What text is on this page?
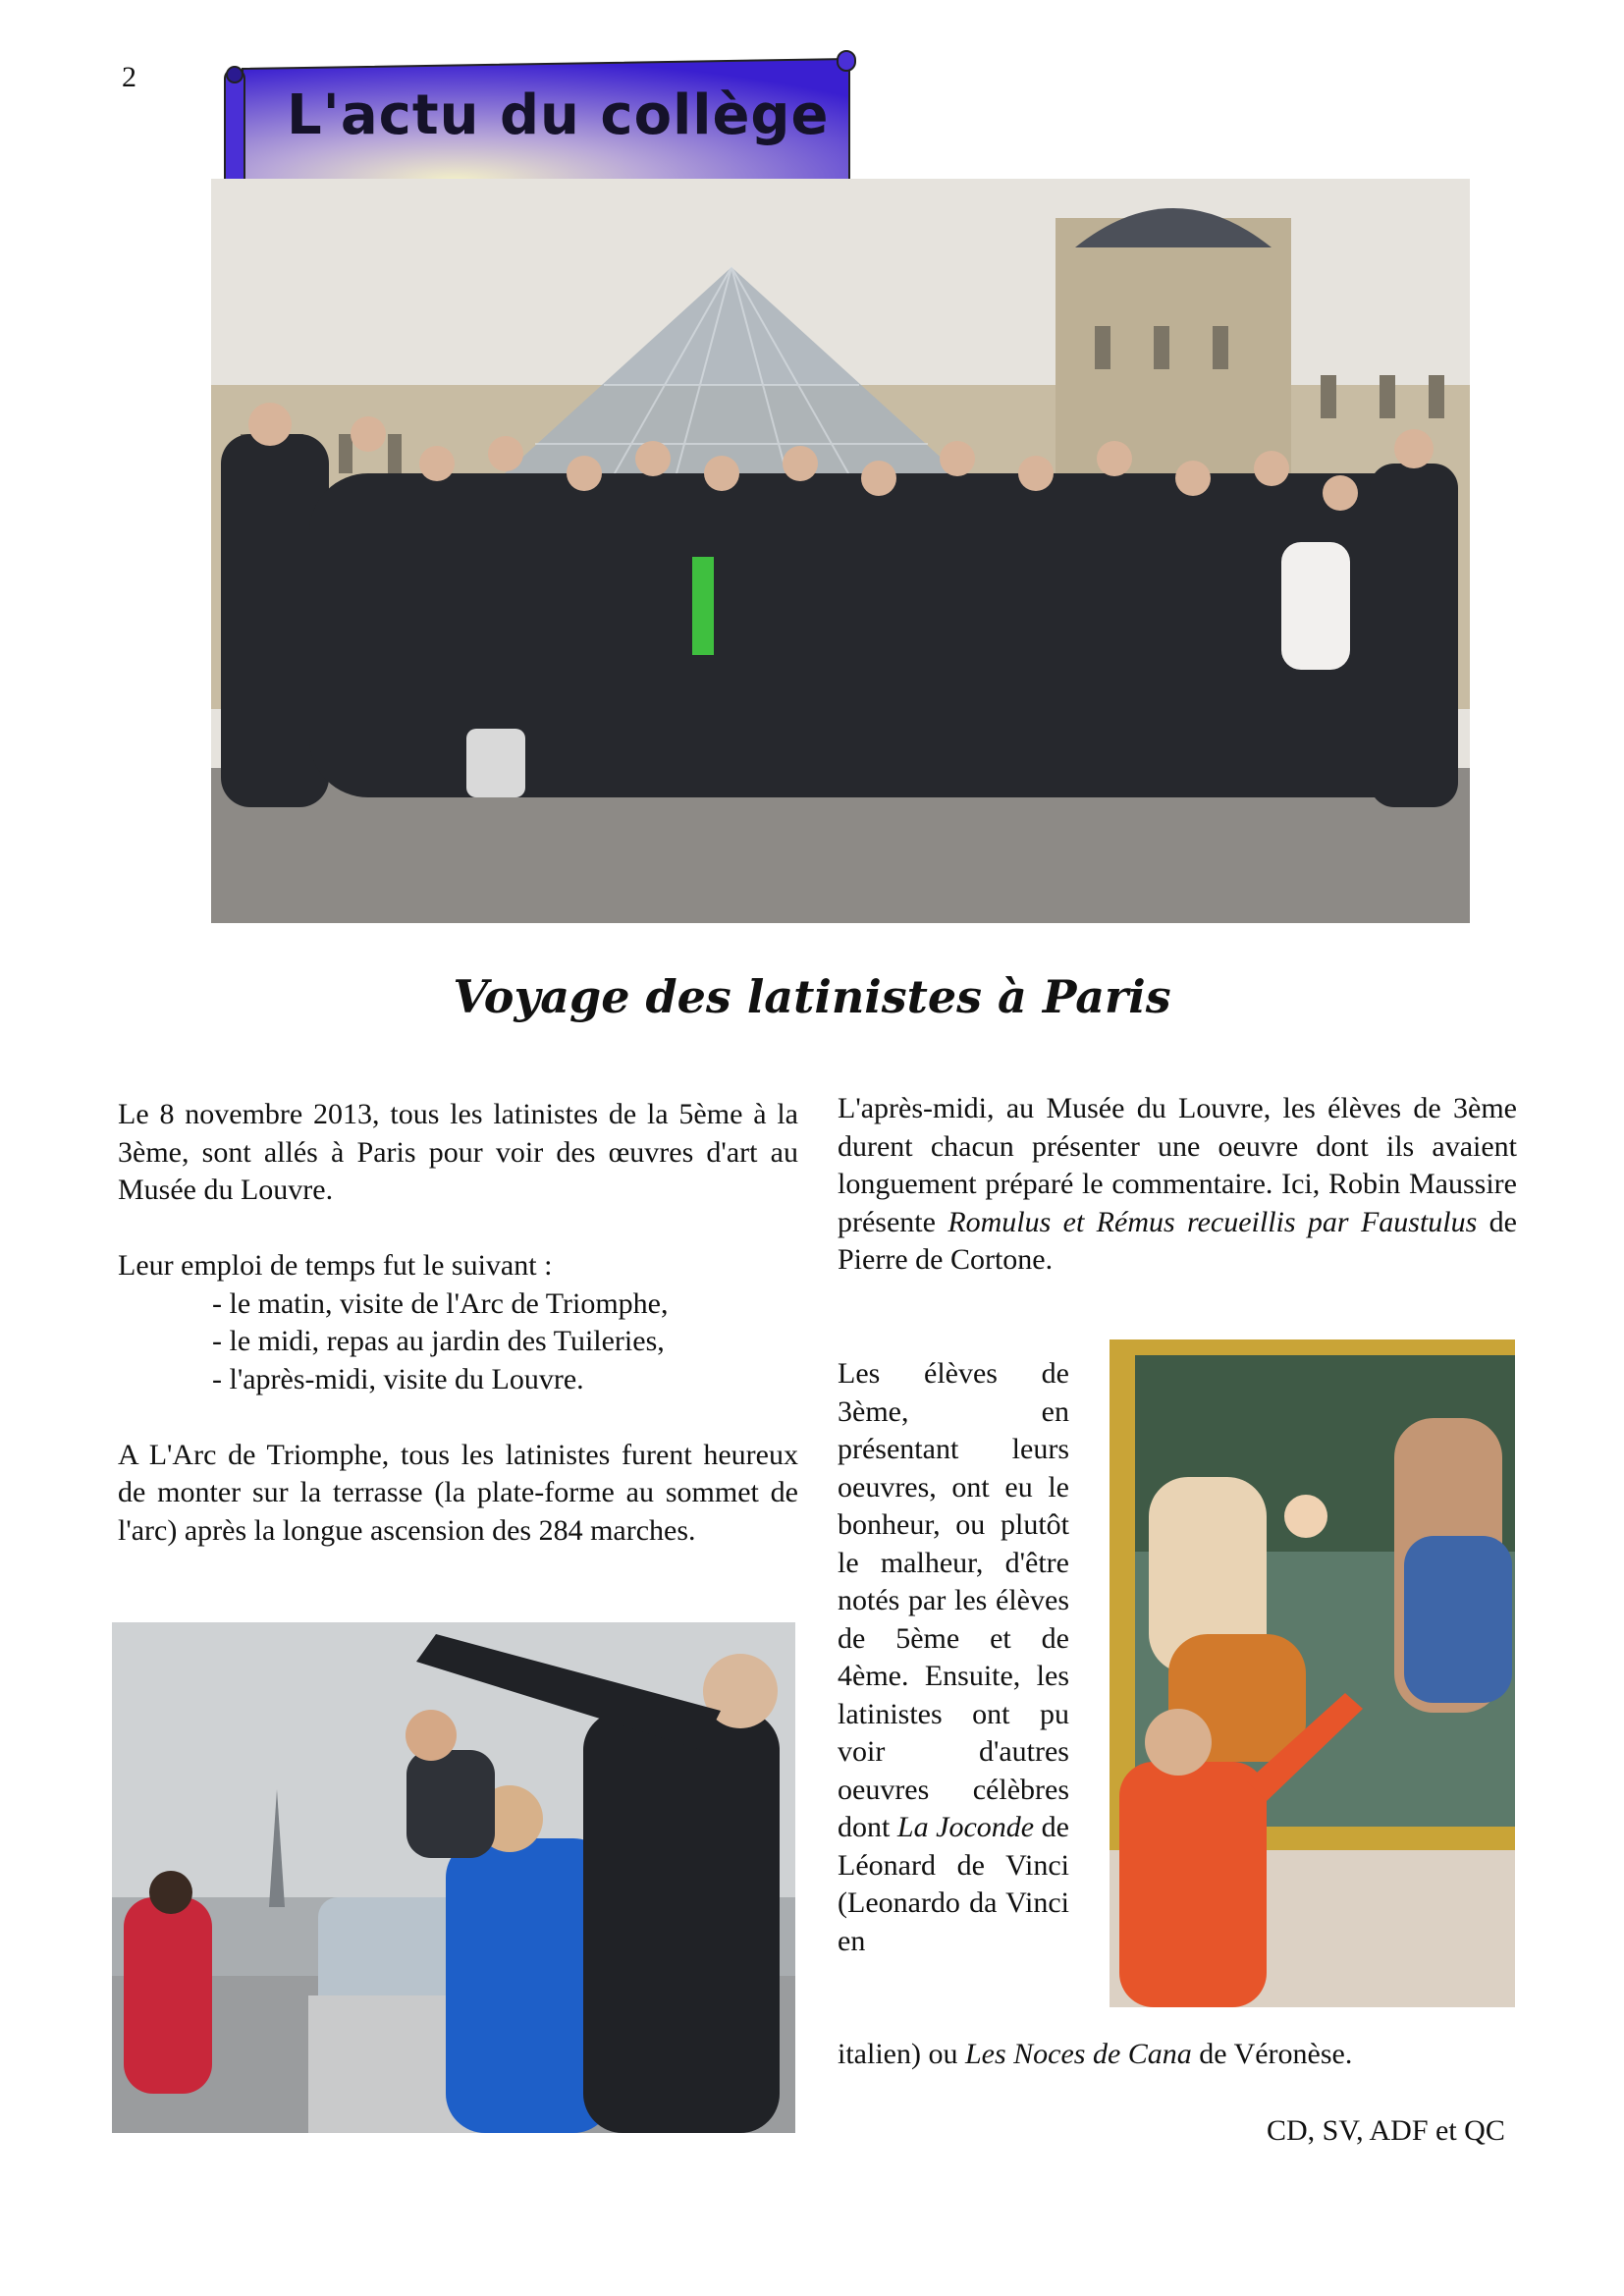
2
L'actu du collège
Voyage des latinistes à Paris

Le 8 novembre 2013, tous les latinistes de la 5ème à la 3ème, sont allés à Paris pour voir des œuvres d'art au Musée du Louvre.

Leur emploi de temps fut le suivant :

- le matin, visite de l'Arc de Triomphe,

- le midi, repas au jardin des Tuileries,

- l'après-midi, visite du Louvre.

A L'Arc de Triomphe, tous les latinistes furent heureux de monter sur la terrasse (la plate-forme au sommet de l'arc) après la longue ascension des 284 marches.

L'après-midi, au Musée du Louvre, les élèves de 3ème durent chacun présenter une oeuvre dont ils avaient longuement préparé le commentaire. Ici, Robin Maussire présente Romulus et Rémus recueillis par Faustulus de Pierre de Cortone.

Les élèves de 3ème, en présentant leurs oeuvres, ont eu le bonheur, ou plutôt le malheur, d'être notés par les élèves de 5ème et de 4ème. Ensuite, les latinistes ont pu voir d'autres oeuvres célèbres dont La Joconde de Léonard de Vinci (Leonardo da Vinci en
italien) ou Les Noces de Cana de Véronèse.
CD, SV, ADF et QC
